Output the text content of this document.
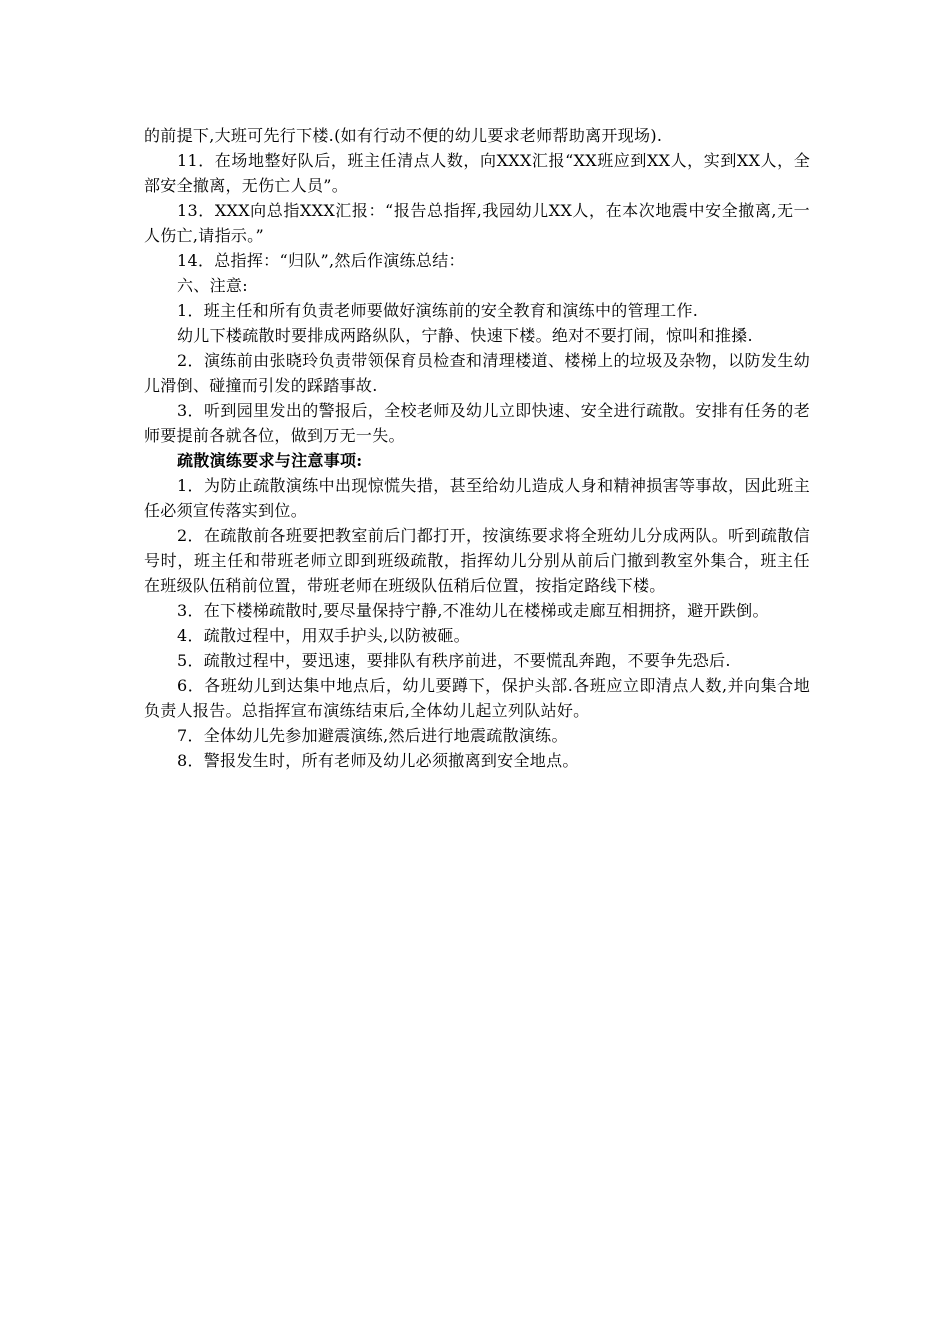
的前提下,大班可先行下楼.(如有行动不便的幼儿要求老师帮助离开现场).

11．在场地整好队后，班主任清点人数，向XXX汇报“XX班应到XX人，实到XX人，全部安全撤离，无伤亡人员”。

13．XXX向总指XXX汇报：“报告总指挥,我园幼儿XX人，在本次地震中安全撤离,无一人伤亡,请指示。”

14．总指挥：“归队”,然后作演练总结：

六、注意:

1．班主任和所有负责老师要做好演练前的安全教育和演练中的管理工作.

幼儿下楼疏散时要排成两路纵队，宁静、快速下楼。绝对不要打闹，惊叫和推搡.

2．演练前由张晓玲负责带领保育员检查和清理楼道、楼梯上的垃圾及杂物，以防发生幼儿滑倒、碰撞而引发的踩踏事故.

3．听到园里发出的警报后，全校老师及幼儿立即快速、安全进行疏散。安排有任务的老师要提前各就各位，做到万无一失。

疏散演练要求与注意事项:

1．为防止疏散演练中出现惊慌失措，甚至给幼儿造成人身和精神损害等事故，因此班主任必须宣传落实到位。

2．在疏散前各班要把教室前后门都打开，按演练要求将全班幼儿分成两队。听到疏散信号时，班主任和带班老师立即到班级疏散，指挥幼儿分别从前后门撤到教室外集合，班主任在班级队伍稍前位置，带班老师在班级队伍稍后位置，按指定路线下楼。

3．在下楼梯疏散时,要尽量保持宁静,不准幼儿在楼梯或走廊互相拥挤，避开跌倒。

4．疏散过程中，用双手护头,以防被砸。

5．疏散过程中，要迅速，要排队有秩序前进，不要慌乱奔跑，不要争先恐后.

6．各班幼儿到达集中地点后，幼儿要蹲下，保护头部.各班应立即清点人数,并向集合地负责人报告。总指挥宣布演练结束后,全体幼儿起立列队站好。

7．全体幼儿先参加避震演练,然后进行地震疏散演练。

8．警报发生时，所有老师及幼儿必须撤离到安全地点。
